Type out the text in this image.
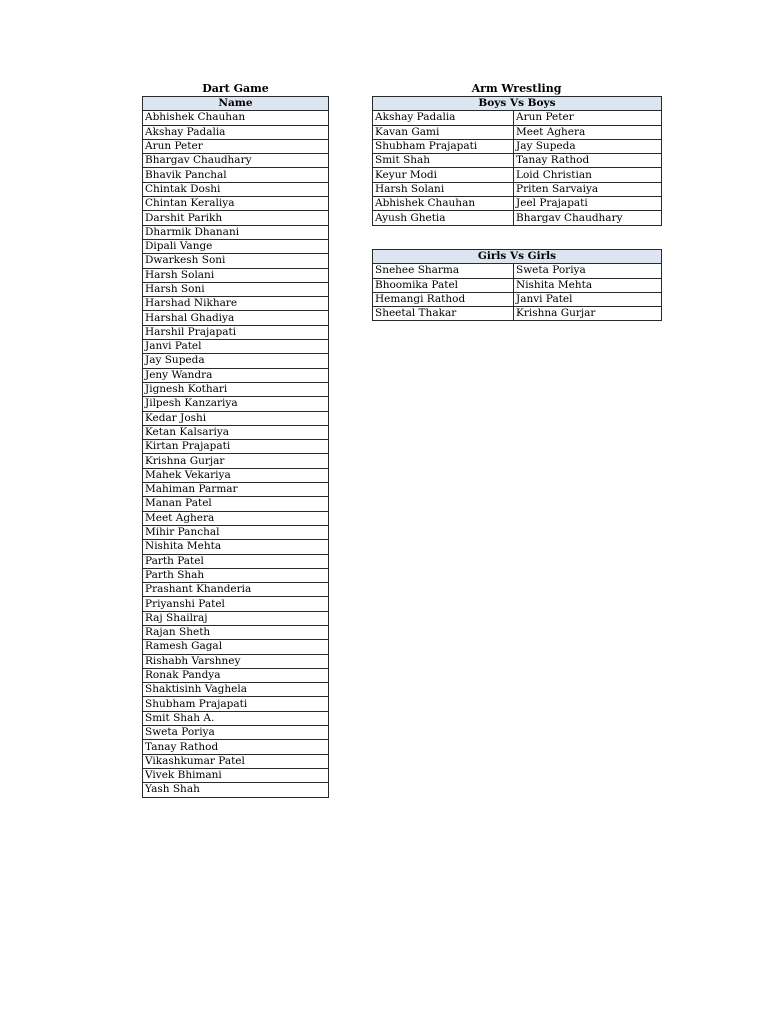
Dart Game
Name
Abhishek Chauhan
Akshay Padalia
Arun Peter
Bhargav Chaudhary
Bhavik Panchal
Chintak Doshi
Chintan Keraliya
Darshit Parikh
Dharmik Dhanani
Dipali Vange
Dwarkesh Soni
Harsh Solani
Harsh Soni
Harshad Nikhare
Harshal Ghadiya
Harshil Prajapati
Janvi Patel
Jay Supeda
Jeny Wandra
Jignesh Kothari
Jilpesh Kanzariya
Kedar Joshi
Ketan Kalsariya
Kirtan Prajapati
Krishna Gurjar
Mahek Vekariya
Mahiman Parmar
Manan Patel
Meet Aghera
Mihir Panchal
Nishita Mehta
Parth Patel
Parth Shah
Prashant Khanderia
Priyanshi Patel
Raj Shailraj
Rajan Sheth
Ramesh Gagal
Rishabh Varshney
Ronak Pandya
Shaktisinh Vaghela
Shubham Prajapati
Smit Shah A.
Sweta Poriya
Tanay Rathod
Vikashkumar Patel
Vivek Bhimani
Yash Shah
Arm Wrestling
Boys Vs Boys	
Akshay Padalia	Arun Peter
Kavan Gami	Meet Aghera
Shubham Prajapati	Jay Supeda
Smit Shah	Tanay Rathod
Keyur Modi	Loid Christian
Harsh Solani	Priten Sarvaiya
Abhishek Chauhan	Jeel Prajapati
Ayush Ghetia	Bhargav Chaudhary
Girls Vs Girls	
Snehee Sharma	Sweta Poriya
Bhoomika Patel	Nishita Mehta
Hemangi Rathod	Janvi Patel
Sheetal Thakar	Krishna Gurjar
